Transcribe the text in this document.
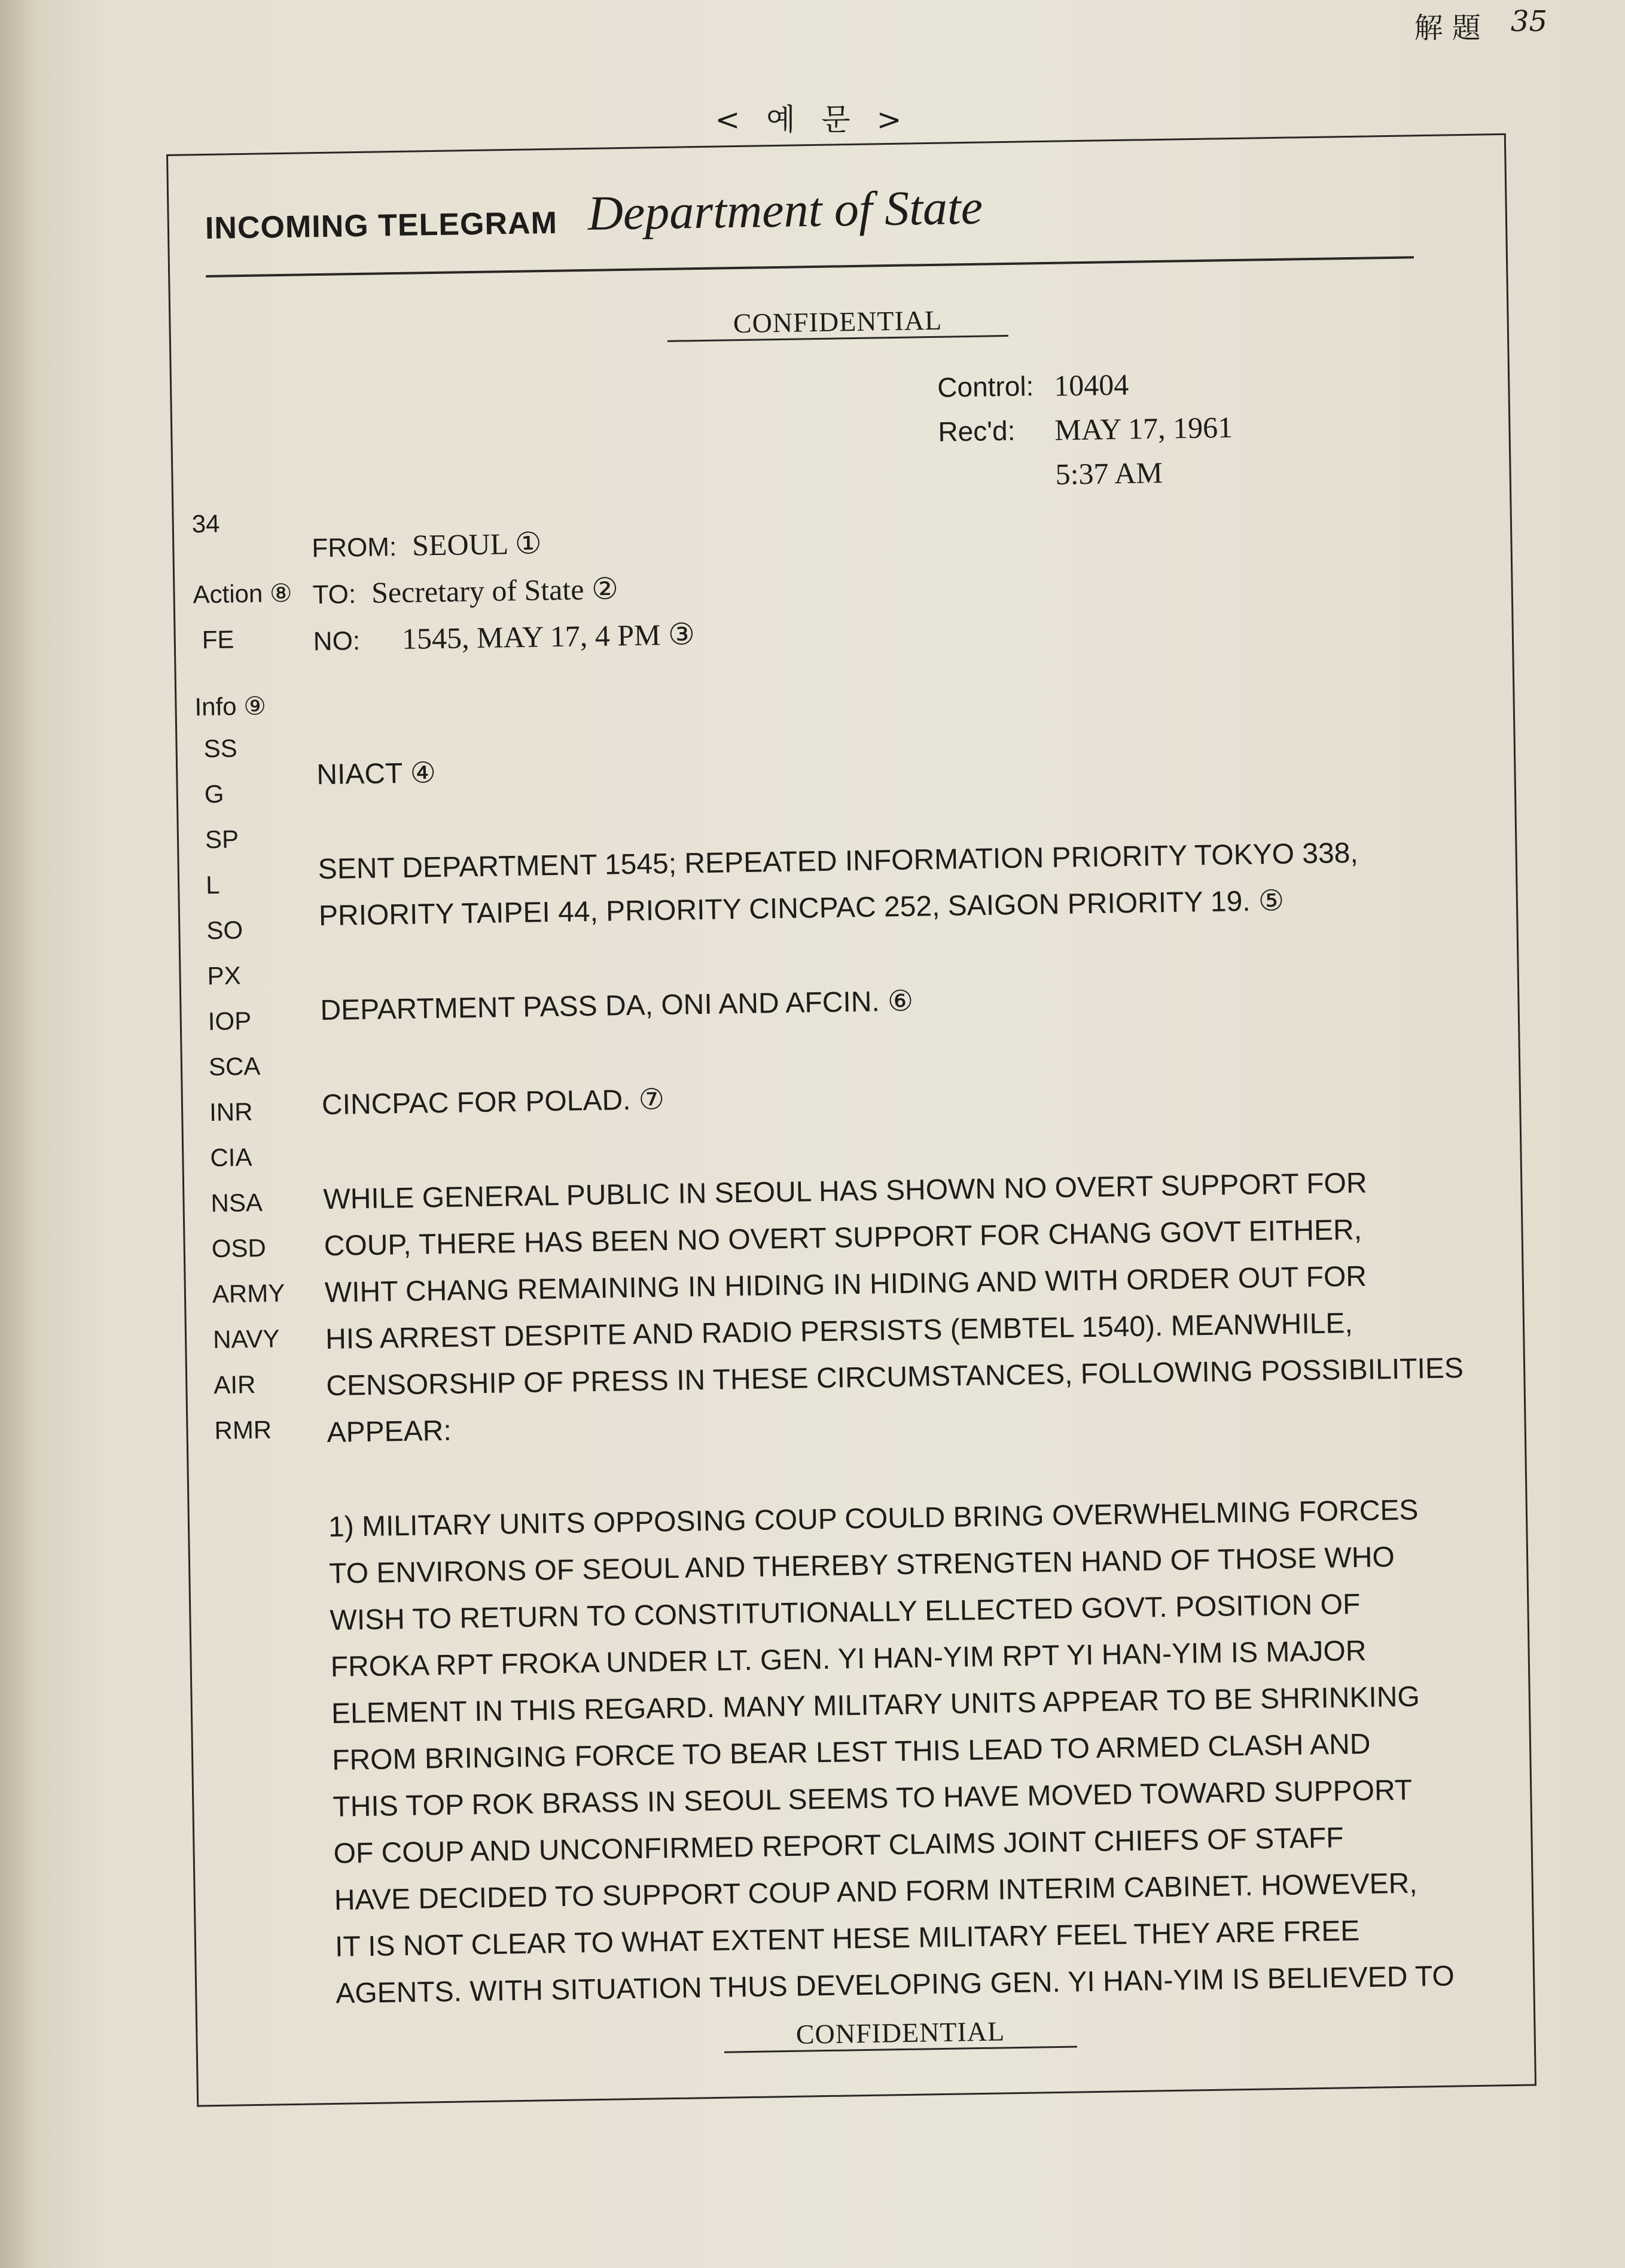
解 題 35
< 예 문 >
INCOMING TELEGRAM Department of State
CONFIDENTIAL
Control: 10404
Rec'd:	MAY 17, 1961
5:37 AM
34
Action ⑧
FE
Info ⑨
SS
G
SP
L
SO
PX
IOP
SCA
INR
CIA
NSA
OSD
ARMY
NAVY
AIR
RMR
FROM: SEOUL ①
TO: Secretary of State ②
NO: 1545, MAY 17, 4 PM ③
NIACT ④
SENT DEPARTMENT 1545; REPEATED INFORMATION PRIORITY TOKYO 338,
PRIORITY TAIPEI 44, PRIORITY CINCPAC 252, SAIGON PRIORITY 19. ⑤
DEPARTMENT PASS DA, ONI AND AFCIN. ⑥
CINCPAC FOR POLAD. ⑦
WHILE GENERAL PUBLIC IN SEOUL HAS SHOWN NO OVERT SUPPORT FOR
COUP, THERE HAS BEEN NO OVERT SUPPORT FOR CHANG GOVT EITHER,
WIHT CHANG REMAINING IN HIDING IN HIDING AND WITH ORDER OUT FOR
HIS ARREST DESPITE AND RADIO PERSISTS (EMBTEL 1540). MEANWHILE,
CENSORSHIP OF PRESS IN THESE CIRCUMSTANCES, FOLLOWING POSSIBILITIES
APPEAR:
1) MILITARY UNITS OPPOSING COUP COULD BRING OVERWHELMING FORCES
TO ENVIRONS OF SEOUL AND THEREBY STRENGTEN HAND OF THOSE WHO
WISH TO RETURN TO CONSTITUTIONALLY ELLECTED GOVT. POSITION OF
FROKA RPT FROKA UNDER LT. GEN. YI HAN-YIM RPT YI HAN-YIM IS MAJOR
ELEMENT IN THIS REGARD. MANY MILITARY UNITS APPEAR TO BE SHRINKING
FROM BRINGING FORCE TO BEAR LEST THIS LEAD TO ARMED CLASH AND
THIS TOP ROK BRASS IN SEOUL SEEMS TO HAVE MOVED TOWARD SUPPORT
OF COUP AND UNCONFIRMED REPORT CLAIMS JOINT CHIEFS OF STAFF
HAVE DECIDED TO SUPPORT COUP AND FORM INTERIM CABINET. HOWEVER,
IT IS NOT CLEAR TO WHAT EXTENT HESE MILITARY FEEL THEY ARE FREE
AGENTS. WITH SITUATION THUS DEVELOPING GEN. YI HAN-YIM IS BELIEVED TO
CONFIDENTIAL
